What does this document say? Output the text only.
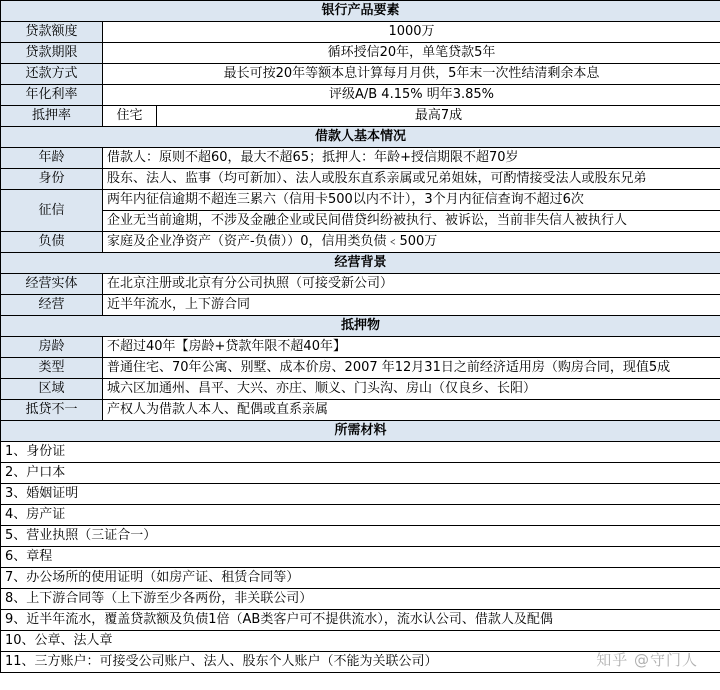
银行产品要素		
贷款额度	1000万	
贷款期限	循环授信20年，单笔贷款5年	
还款方式	最长可按20年等额本息计算每月月供，5年末一次性结清剩余本息	
年化利率	评级A/B 4.15% 明年3.85%	
抵押率	住宅	最高7成
借款人基本情况		
年龄	借款人：原则不超60，最大不超65；抵押人：年龄+授信期限不超70岁	
身份	股东、法人、监事（均可新加）、法人或股东直系亲属或兄弟姐妹，可酌情接受法人或股东兄弟	
征信	两年内征信逾期不超连三累六（信用卡500以内不计），3个月内征信查询不超过6次	
	企业无当前逾期，不涉及金融企业或民间借贷纠纷被执行、被诉讼，当前非失信人被执行人	
负债	家庭及企业净资产（资产-负债））0，信用类负债﹤500万	
经营背景		
经营实体	在北京注册或北京有分公司执照（可接受新公司）	
经营	近半年流水，上下游合同	
抵押物		
房龄	不超过40年【房龄+贷款年限不超40年】	
类型	普通住宅、70年公寓、别墅、成本价房、2007 年12月31日之前经济适用房（购房合同，现值5成	
区域	城六区加通州、昌平、大兴、亦庄、顺义、门头沟、房山（仅良乡、长阳）	
抵贷不一	产权人为借款人本人、配偶或直系亲属	
所需材料		
1、身份证		
2、户口本		
3、婚姻证明		
4、房产证		
5、营业执照（三证合一）		
6、章程		
7、办公场所的使用证明（如房产证、租赁合同等）		
8、上下游合同等（上下游至少各两份，非关联公司）		
9、近半年流水，覆盖贷款额及负债1倍（AB类客户可不提供流水），流水认公司、借款人及配偶		
10、公章、法人章		
11、三方账户：可接受公司账户、法人、股东个人账户（不能为关联公司）			知乎 @守门人
